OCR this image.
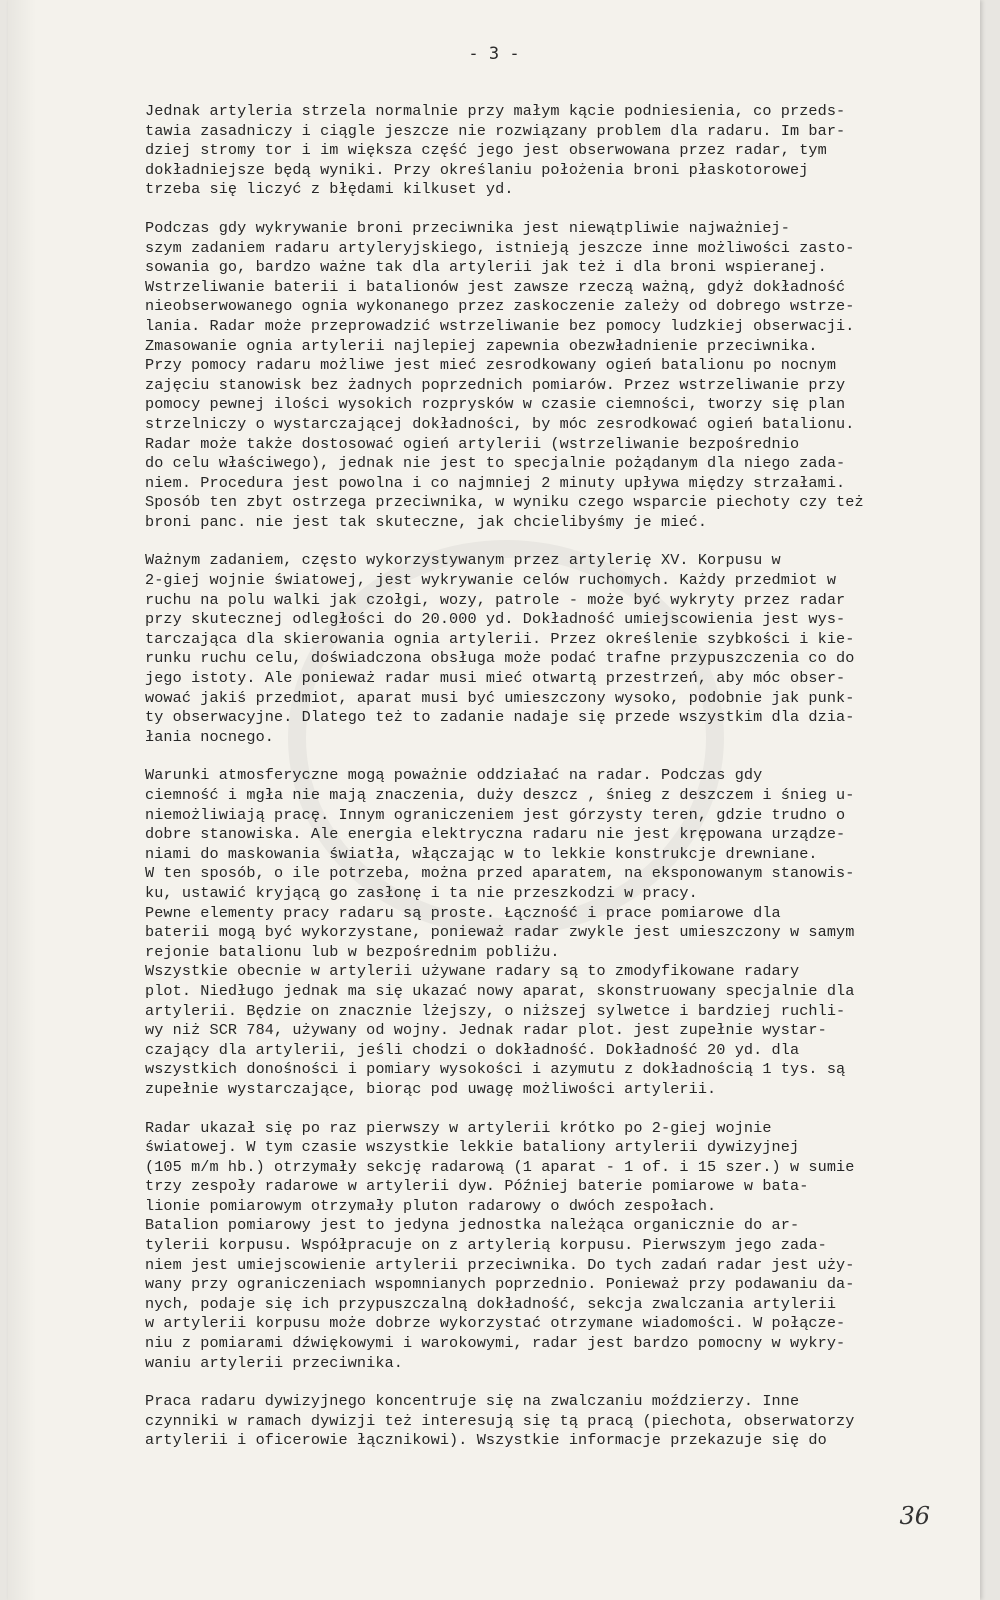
- 3 -

Jednak artyleria strzela normalnie przy małym kącie podniesienia, co przeds-
tawia zasadniczy i ciągle jeszcze nie rozwiązany problem dla radaru. Im bar-
dziej stromy tor i im większa część jego jest obserwowana przez radar, tym
dokładniejsze będą wyniki. Przy określaniu położenia broni płaskotorowej
trzeba się liczyć z błędami kilkuset yd.

Podczas gdy wykrywanie broni przeciwnika jest niewątpliwie najważniej-
szym zadaniem radaru artyleryjskiego, istnieją jeszcze inne możliwości zasto-
sowania go, bardzo ważne tak dla artylerii jak też i dla broni wspieranej.
Wstrzeliwanie baterii i batalionów jest zawsze rzeczą ważną, gdyż dokładność
nieobserwowanego ognia wykonanego przez zaskoczenie zależy od dobrego wstrze-
lania. Radar może przeprowadzić wstrzeliwanie bez pomocy ludzkiej obserwacji.

Zmasowanie ognia artylerii najlepiej zapewnia obezwładnienie przeciwnika.
Przy pomocy radaru możliwe jest mieć zesrodkowany ogień batalionu po nocnym
zajęciu stanowisk bez żadnych poprzednich pomiarów. Przez wstrzeliwanie przy
pomocy pewnej ilości wysokich rozprysków w czasie ciemności, tworzy się plan
strzelniczy o wystarczającej dokładności, by móc zesrodkować ogień batalionu.

Radar może także dostosować ogień artylerii (wstrzeliwanie bezpośrednio
do celu właściwego), jednak nie jest to specjalnie pożądanym dla niego zada-
niem. Procedura jest powolna i co najmniej 2 minuty upływa między strzałami.
Sposób ten zbyt ostrzega przeciwnika, w wyniku czego wsparcie piechoty czy też
broni panc. nie jest tak skuteczne, jak chcielibyśmy je mieć.

Ważnym zadaniem, często wykorzystywanym przez artylerię XV. Korpusu w
2-giej wojnie światowej, jest wykrywanie celów ruchomych. Każdy przedmiot w
ruchu na polu walki jak czołgi, wozy, patrole - może być wykryty przez radar
przy skutecznej odległości do 20.000 yd. Dokładność umiejscowienia jest wys-
tarczająca dla skierowania ognia artylerii. Przez określenie szybkości i kie-
runku ruchu celu, doświadczona obsługa może podać trafne przypuszczenia co do
jego istoty. Ale ponieważ radar musi mieć otwartą przestrzeń, aby móc obser-
wować jakiś przedmiot, aparat musi być umieszczony wysoko, podobnie jak punk-
ty obserwacyjne. Dlatego też to zadanie nadaje się przede wszystkim dla dzia-
łania nocnego.

Warunki atmosferyczne mogą poważnie oddziałać na radar. Podczas gdy
ciemność i mgła nie mają znaczenia, duży deszcz , śnieg z deszczem i śnieg u-
niemożliwiają pracę. Innym ograniczeniem jest górzysty teren, gdzie trudno o
dobre stanowiska. Ale energia elektryczna radaru nie jest krępowana urządze-
niami do maskowania światła, włączając w to lekkie konstrukcje drewniane.
W ten sposób, o ile potrzeba, można przed aparatem, na eksponowanym stanowis-
ku, ustawić kryjącą go zasłonę i ta nie przeszkodzi w pracy.

Pewne elementy pracy radaru są proste. Łączność i prace pomiarowe dla
baterii mogą być wykorzystane, ponieważ radar zwykle jest umieszczony w samym
rejonie batalionu lub w bezpośrednim pobliżu.

Wszystkie obecnie w artylerii używane radary są to zmodyfikowane radary
plot. Niedługo jednak ma się ukazać nowy aparat, skonstruowany specjalnie dla
artylerii. Będzie on znacznie lżejszy, o niższej sylwetce i bardziej ruchli-
wy niż SCR 784, używany od wojny. Jednak radar plot. jest zupełnie wystar-
czający dla artylerii, jeśli chodzi o dokładność. Dokładność 20 yd. dla
wszystkich donośności i pomiary wysokości i azymutu z dokładnością 1 tys. są
zupełnie wystarczające, biorąc pod uwagę możliwości artylerii.

Radar ukazał się po raz pierwszy w artylerii krótko po 2-giej wojnie
światowej. W tym czasie wszystkie lekkie bataliony artylerii dywizyjnej
(105 m/m hb.) otrzymały sekcję radarową (1 aparat - 1 of. i 15 szer.) w sumie
trzy zespoły radarowe w artylerii dyw. Później baterie pomiarowe w bata-
lionie pomiarowym otrzymały pluton radarowy o dwóch zespołach.

Batalion pomiarowy jest to jedyna jednostka należąca organicznie do ar-
tylerii korpusu. Współpracuje on z artylerią korpusu. Pierwszym jego zada-
niem jest umiejscowienie artylerii przeciwnika. Do tych zadań radar jest uży-
wany przy ograniczeniach wspomnianych poprzednio. Ponieważ przy podawaniu da-
nych, podaje się ich przypuszczalną dokładność, sekcja zwalczania artylerii
w artylerii korpusu może dobrze wykorzystać otrzymane wiadomości. W połącze-
niu z pomiarami dźwiękowymi i warokowymi, radar jest bardzo pomocny w wykry-
waniu artylerii przeciwnika.

Praca radaru dywizyjnego koncentruje się na zwalczaniu moździerzy. Inne
czynniki w ramach dywizji też interesują się tą pracą (piechota, obserwatorzy
artylerii i oficerowie łącznikowi). Wszystkie informacje przekazuje się do

36
